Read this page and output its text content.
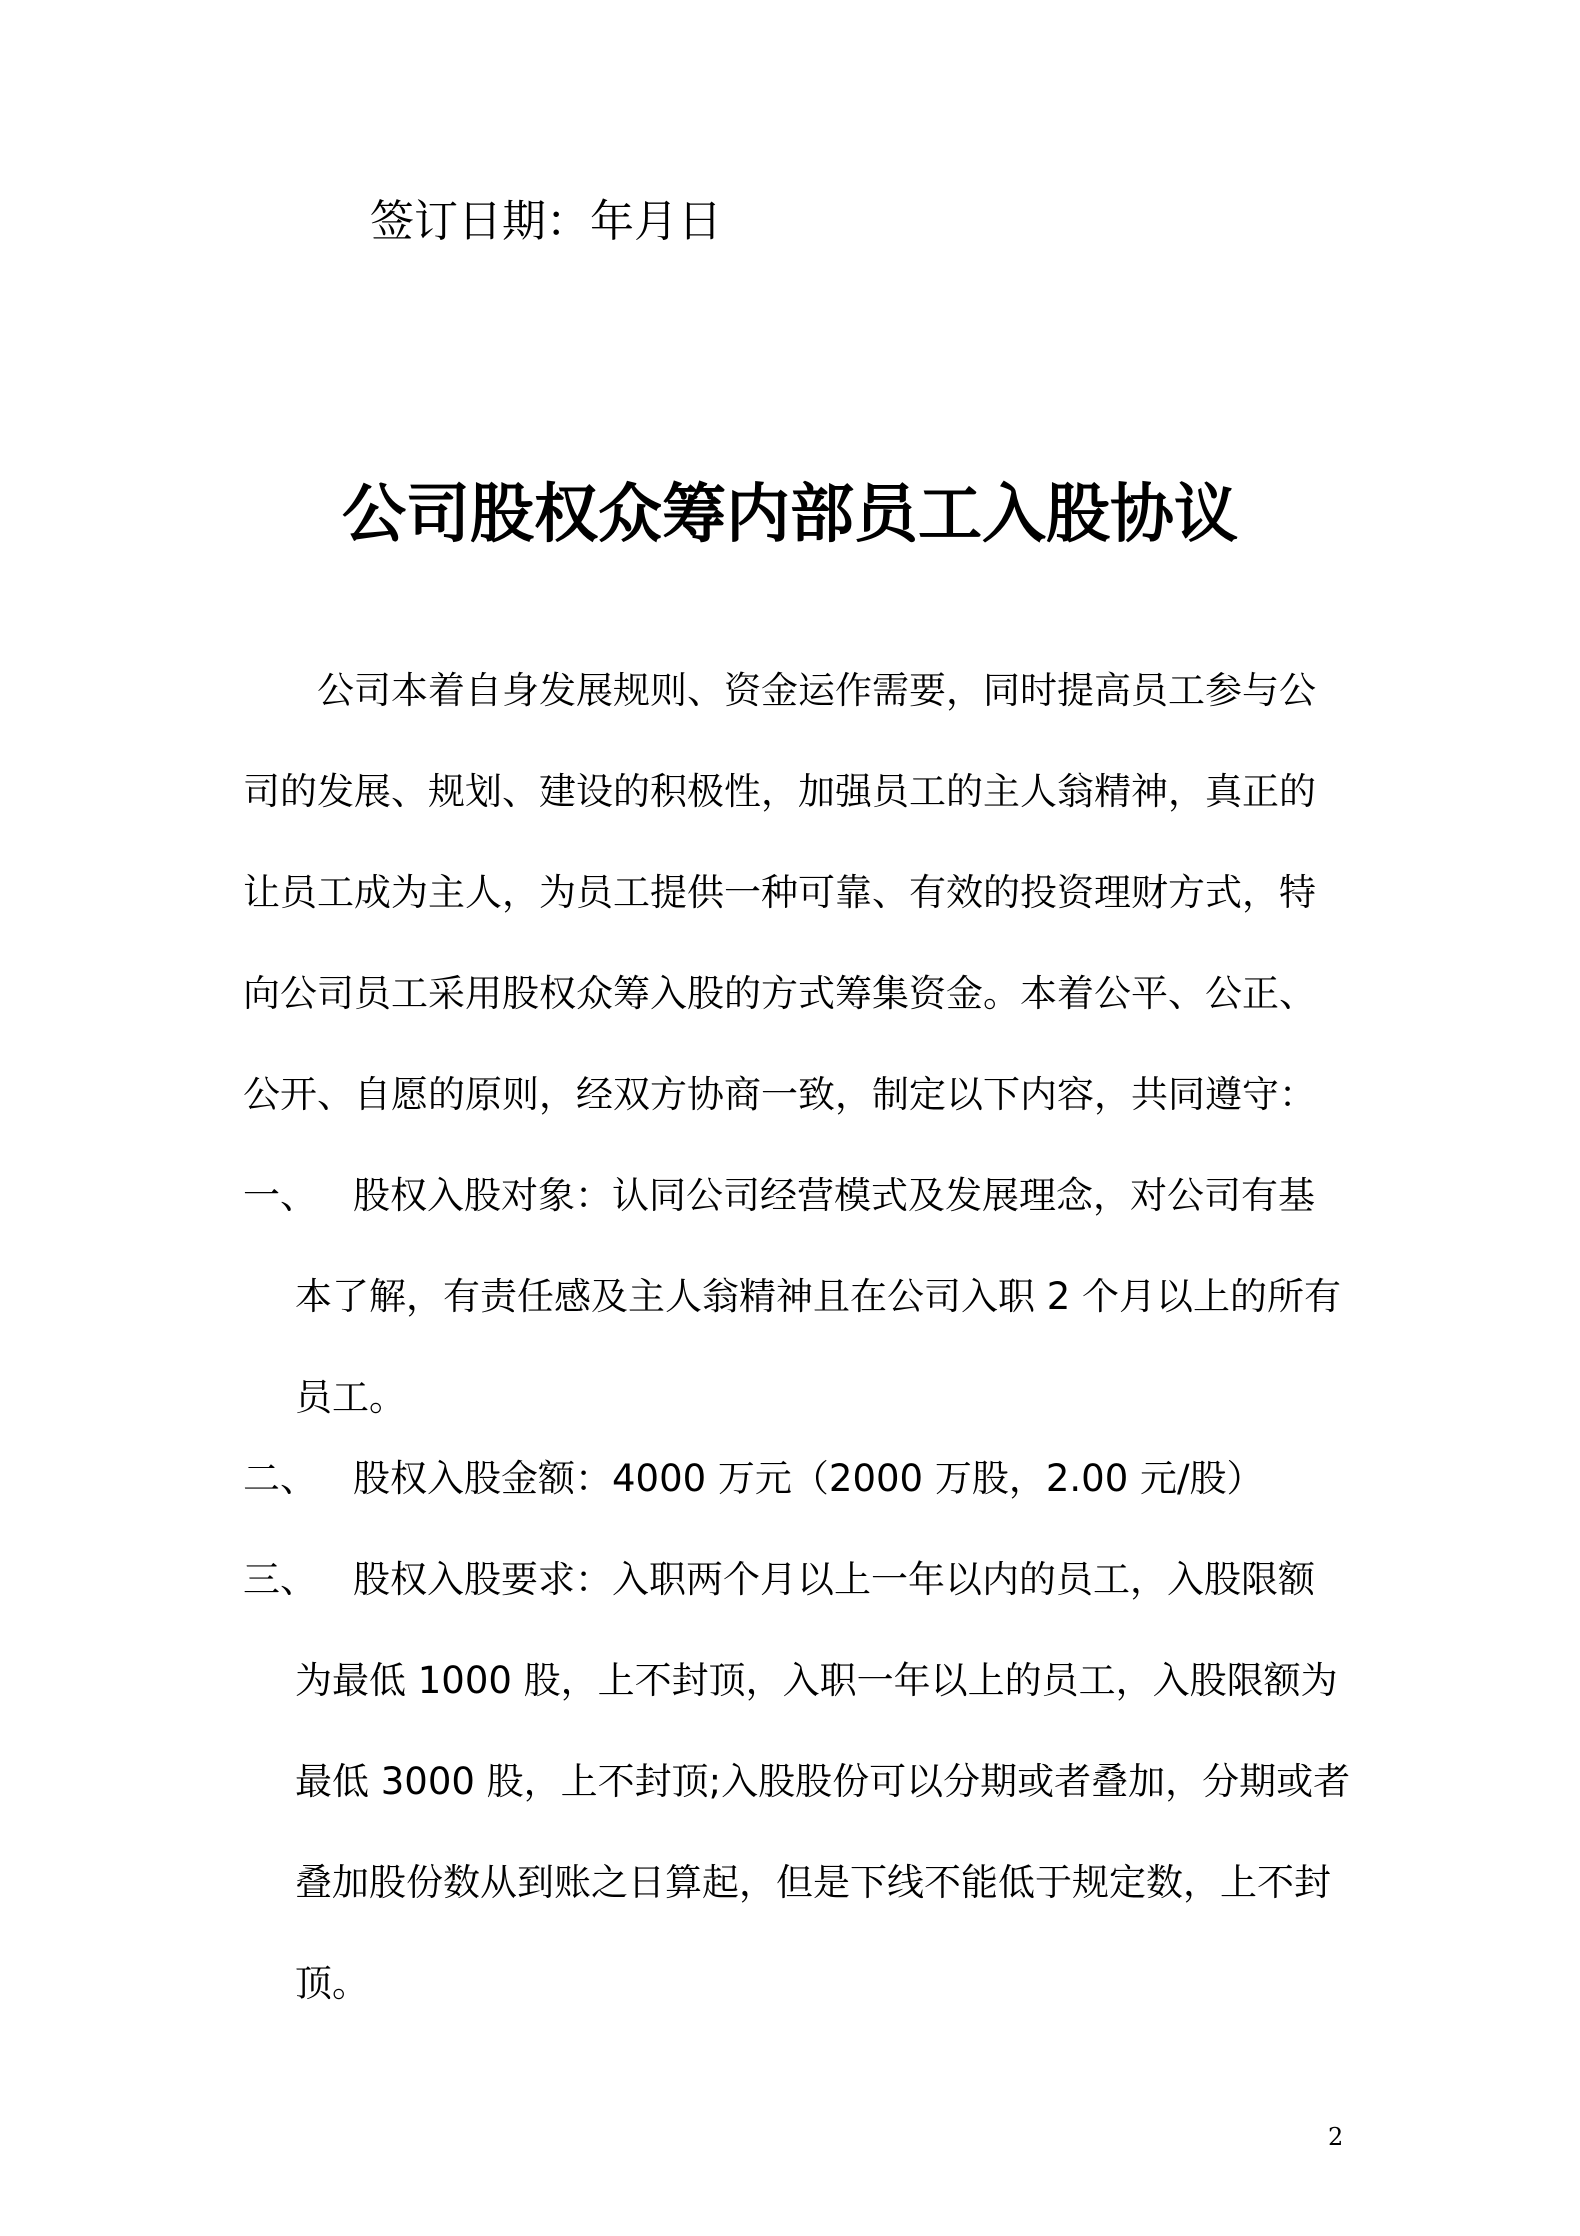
签订日期：年月日
公司股权众筹内部员工入股协议

公司本着自身发展规则、资金运作需要，同时提高员工参与公
司的发展、规划、建设的积极性，加强员工的主人翁精神，真正的
让员工成为主人，为员工提供一种可靠、有效的投资理财方式，特
向公司员工采用股权众筹入股的方式筹集资金。本着公平、公正、
公开、自愿的原则，经双方协商一致，制定以下内容，共同遵守：

一、 股权入股对象：认同公司经营模式及发展理念，对公司有基
本了解，有责任感及主人翁精神且在公司入职 2 个月以上的所有
员工。
二、 股权入股金额：4000 万元（2000 万股，2.00 元/股）
三、 股权入股要求：入职两个月以上一年以内的员工，入股限额
为最低 1000 股，上不封顶，入职一年以上的员工，入股限额为
最低 3000 股，上不封顶;入股股份可以分期或者叠加，分期或者
叠加股份数从到账之日算起，但是下线不能低于规定数，上不封
顶。
2
